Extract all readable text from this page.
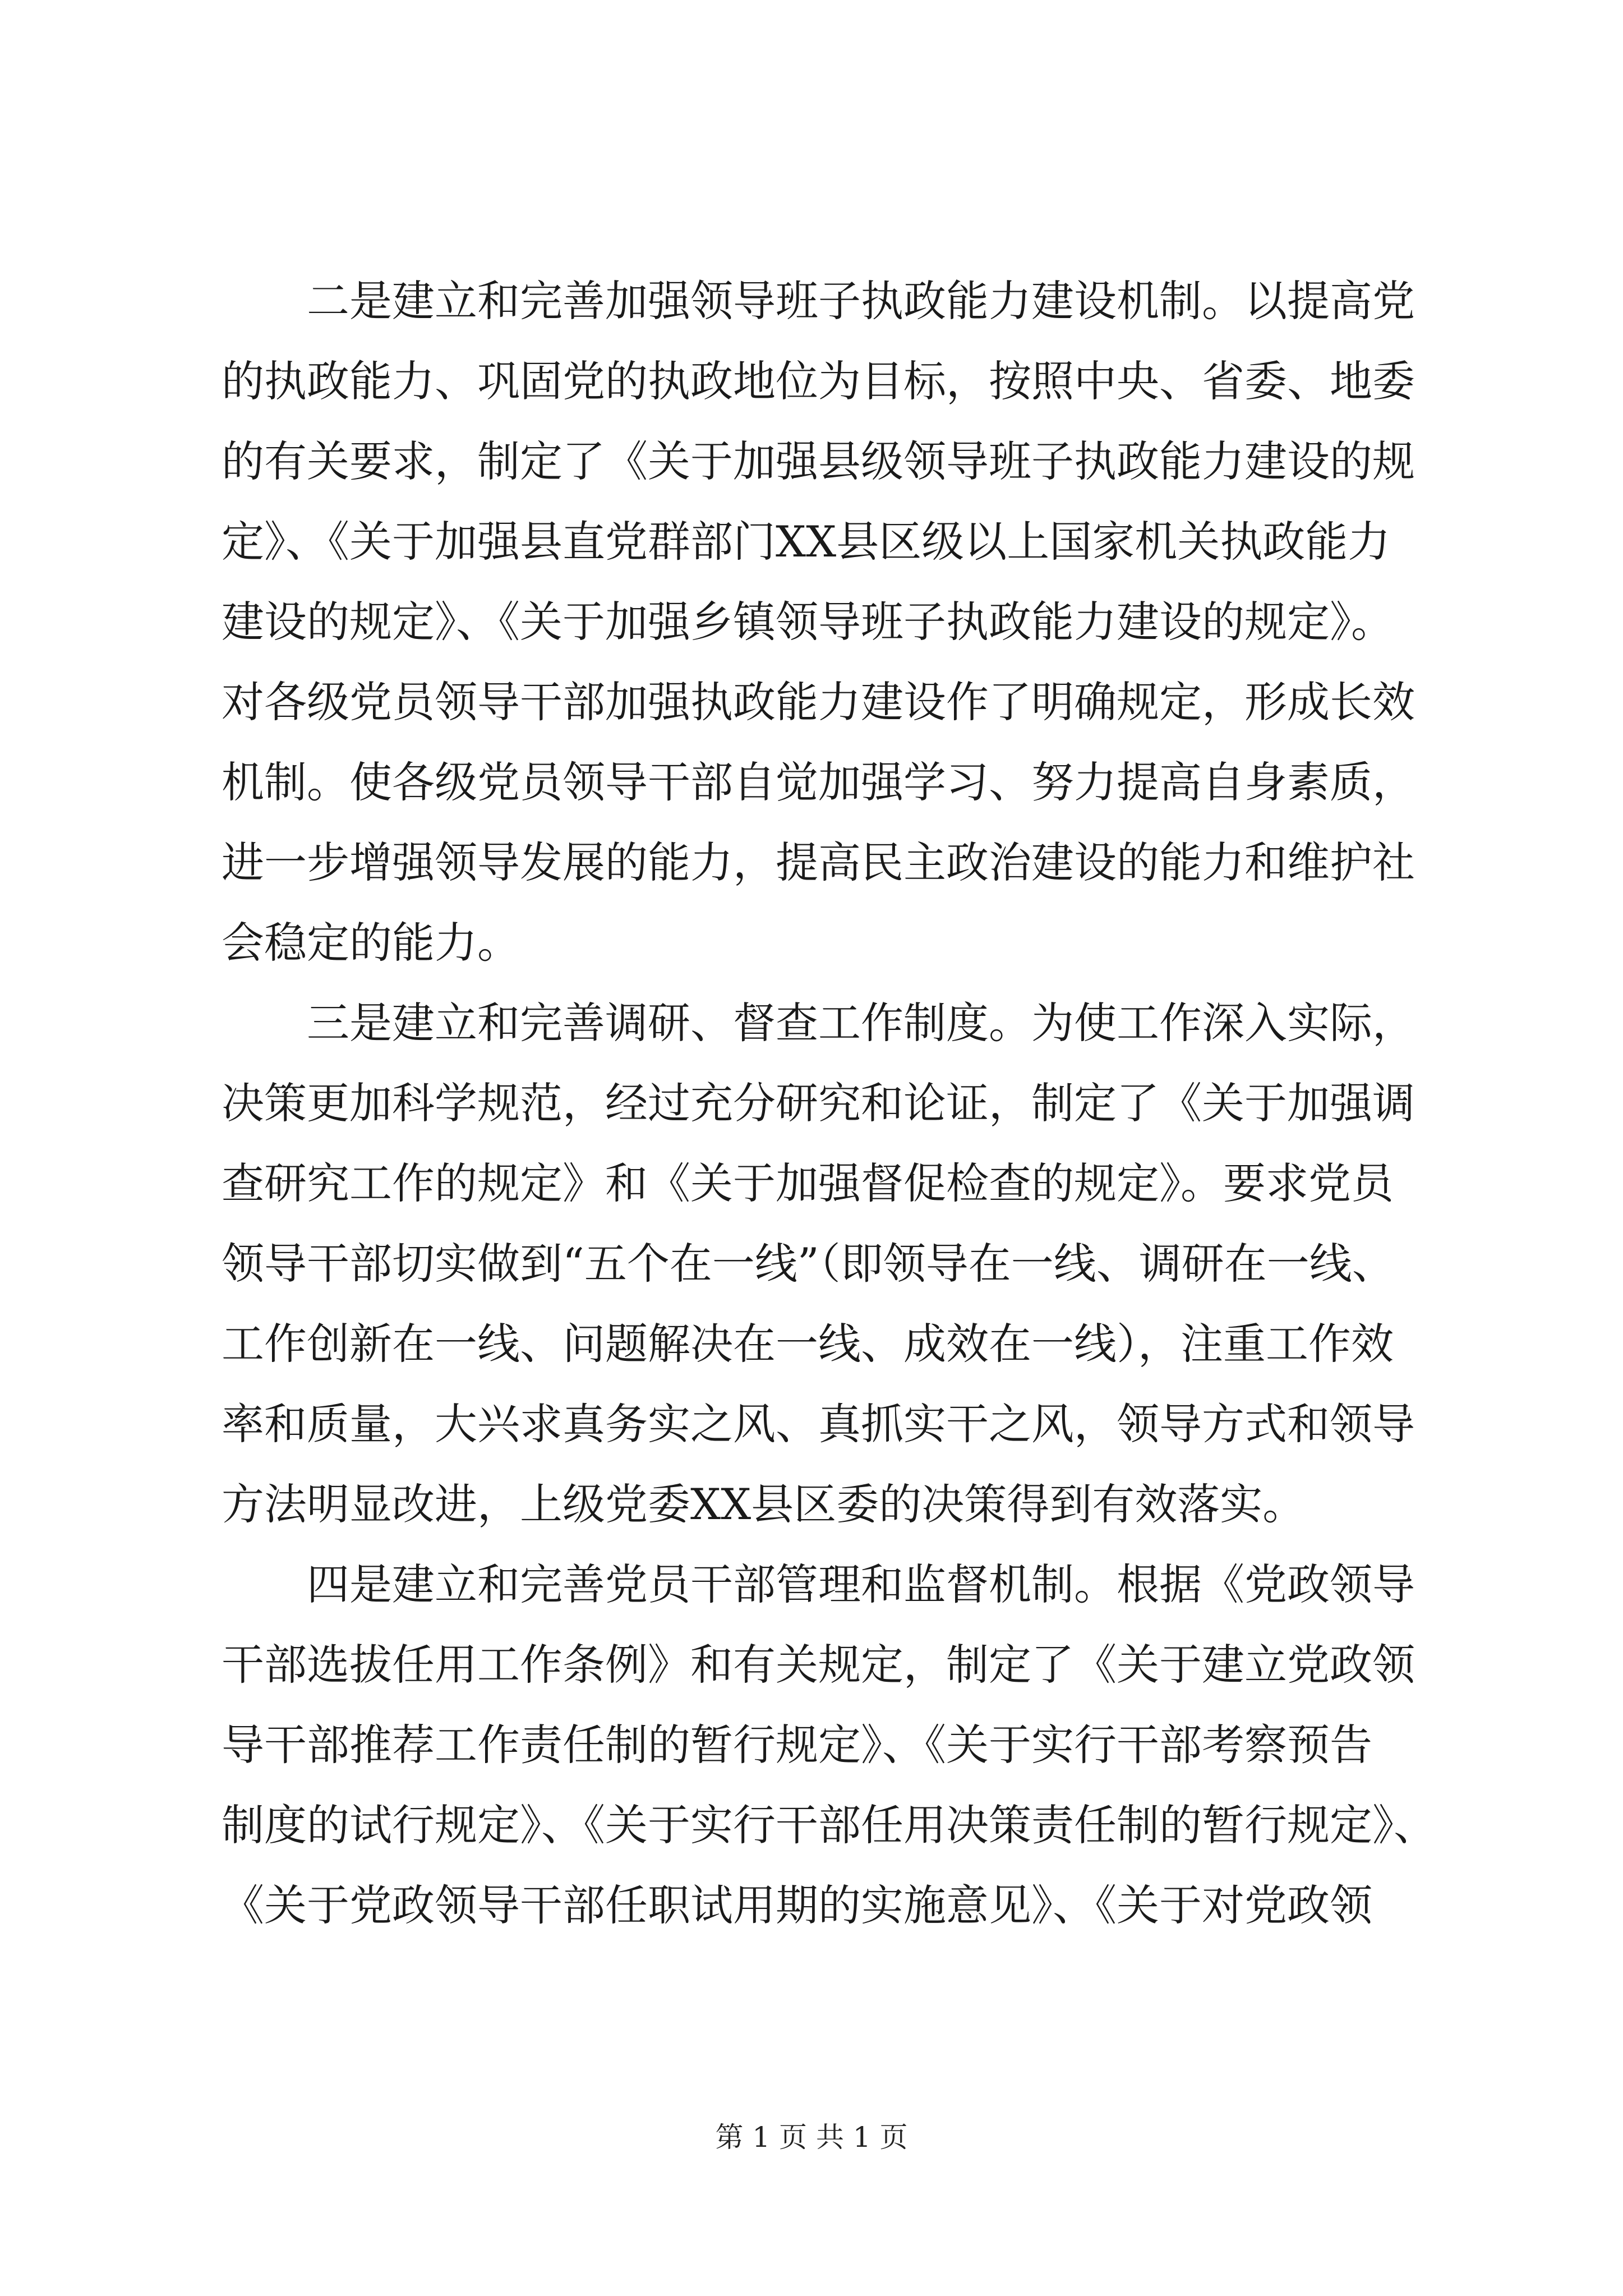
　　二是建立和完善加强领导班子执政能力建设机制。以提高党
的执政能力、巩固党的执政地位为目标，按照中央、省委、地委
的有关要求，制定了《关于加强县级领导班子执政能力建设的规
定》、《关于加强县直党群部门XX县区级以上国家机关执政能力
建设的规定》、《关于加强乡镇领导班子执政能力建设的规定》。
对各级党员领导干部加强执政能力建设作了明确规定，形成长效
机制。使各级党员领导干部自觉加强学习、努力提高自身素质，
进一步增强领导发展的能力，提高民主政治建设的能力和维护社
会稳定的能力。
　　三是建立和完善调研、督查工作制度。为使工作深入实际，
决策更加科学规范，经过充分研究和论证，制定了《关于加强调
查研究工作的规定》和《关于加强督促检查的规定》。要求党员
领导干部切实做到“五个在一线”（即领导在一线、调研在一线、
工作创新在一线、问题解决在一线、成效在一线），注重工作效
率和质量，大兴求真务实之风、真抓实干之风，领导方式和领导
方法明显改进，上级党委XX县区委的决策得到有效落实。
　　四是建立和完善党员干部管理和监督机制。根据《党政领导
干部选拔任用工作条例》和有关规定，制定了《关于建立党政领
导干部推荐工作责任制的暂行规定》、《关于实行干部考察预告
制度的试行规定》、《关于实行干部任用决策责任制的暂行规定》、
《关于党政领导干部任职试用期的实施意见》、《关于对党政领
第 1 页 共 1 页
